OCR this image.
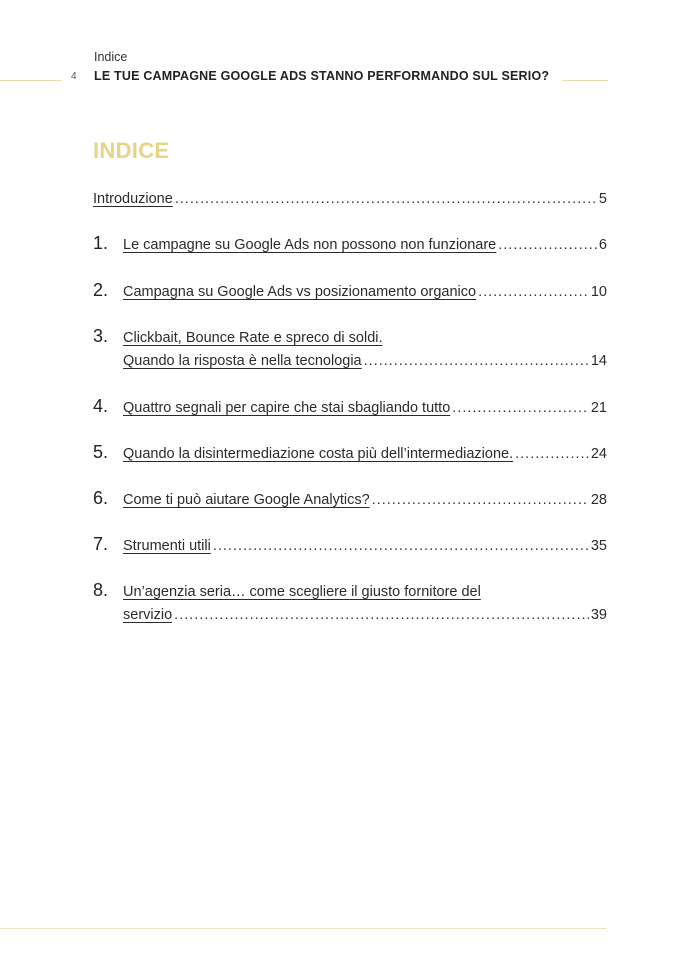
Indice
4 LE TUE CAMPAGNE GOOGLE ADS STANNO PERFORMANDO SUL SERIO?
INDICE
Introduzione .....	5
1. Le campagne su Google Ads non possono non funzionare .....	6
2. Campagna su Google Ads vs posizionamento organico .....	10
3. Clickbait, Bounce Rate e spreco di soldi.
Quando la risposta è nella tecnologia .....	14
4. Quattro segnali per capire che stai sbagliando tutto .....	21
5. Quando la disintermediazione costa più dell’intermediazione. .....	24
6. Come ti può aiutare Google Analytics? .....	28
7. Strumenti utili .....	35
8. Un’agenzia seria… come scegliere il giusto fornitore del
servizio .....	39
